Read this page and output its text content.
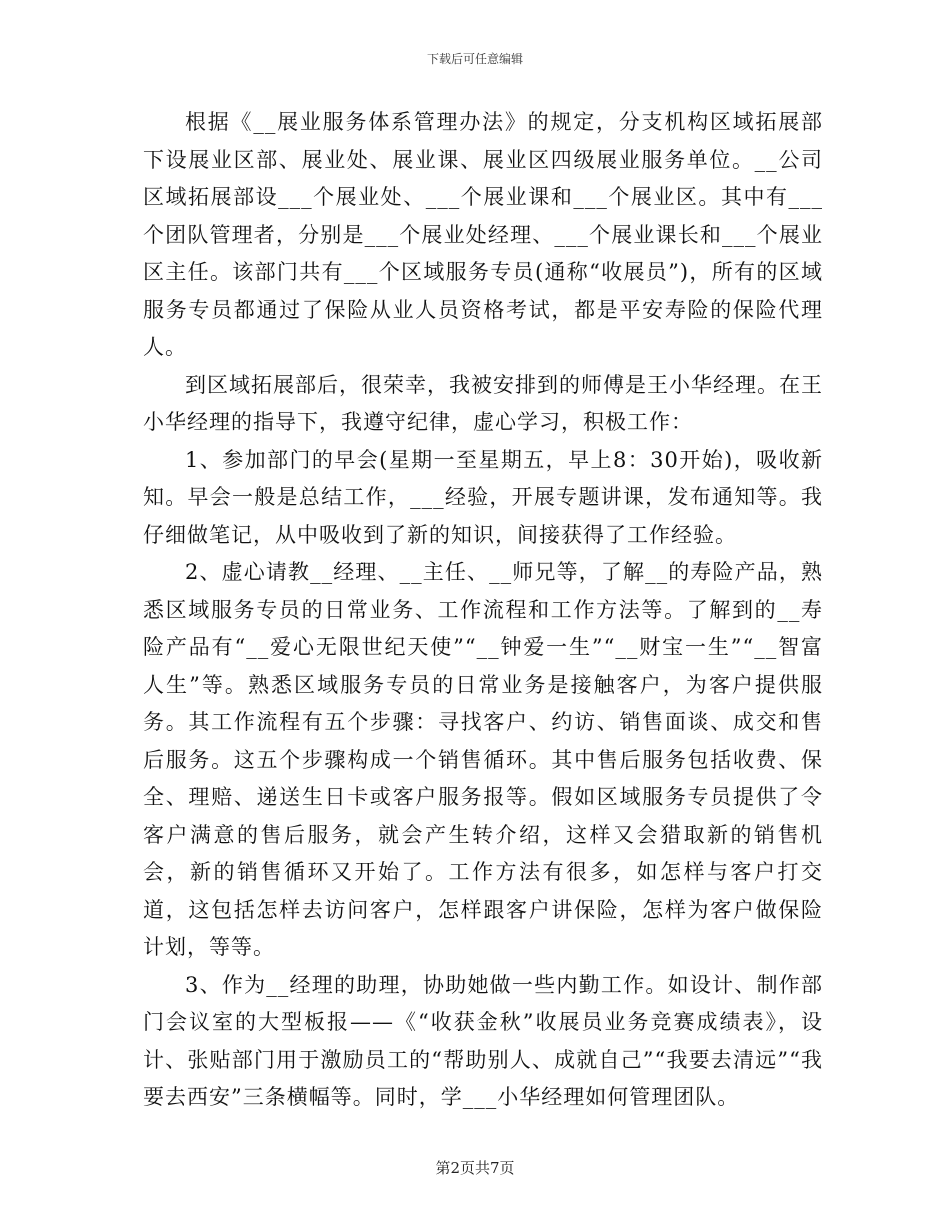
下载后可任意编辑

根据《__展业服务体系管理办法》的规定，分支机构区域拓展部下设展业区部、展业处、展业课、展业区四级展业服务单位。__公司区域拓展部设___个展业处、___个展业课和___个展业区。其中有___个团队管理者，分别是___个展业处经理、___个展业课长和___个展业区主任。该部门共有___个区域服务专员(通称“收展员”)，所有的区域服务专员都通过了保险从业人员资格考试，都是平安寿险的保险代理人。

到区域拓展部后，很荣幸，我被安排到的师傅是王小华经理。在王小华经理的指导下，我遵守纪律，虚心学习，积极工作：

1、参加部门的早会(星期一至星期五，早上8：30开始)，吸收新知。早会一般是总结工作，___经验，开展专题讲课，发布通知等。我仔细做笔记，从中吸收到了新的知识，间接获得了工作经验。

2、虚心请教__经理、__主任、__师兄等，了解__的寿险产品，熟悉区域服务专员的日常业务、工作流程和工作方法等。了解到的__寿险产品有“__爱心无限世纪天使”“__钟爱一生”“__财宝一生”“__智富人生”等。熟悉区域服务专员的日常业务是接触客户，为客户提供服务。其工作流程有五个步骤：寻找客户、约访、销售面谈、成交和售后服务。这五个步骤构成一个销售循环。其中售后服务包括收费、保全、理赔、递送生日卡或客户服务报等。假如区域服务专员提供了令客户满意的售后服务，就会产生转介绍，这样又会猎取新的销售机会，新的销售循环又开始了。工作方法有很多，如怎样与客户打交道，这包括怎样去访问客户，怎样跟客户讲保险，怎样为客户做保险计划，等等。

3、作为__经理的助理，协助她做一些内勤工作。如设计、制作部门会议室的大型板报——《“收获金秋”收展员业务竞赛成绩表》，设计、张贴部门用于激励员工的“帮助别人、成就自己”“我要去清远”“我要去西安”三条横幅等。同时，学___小华经理如何管理团队。

第2页共7页
